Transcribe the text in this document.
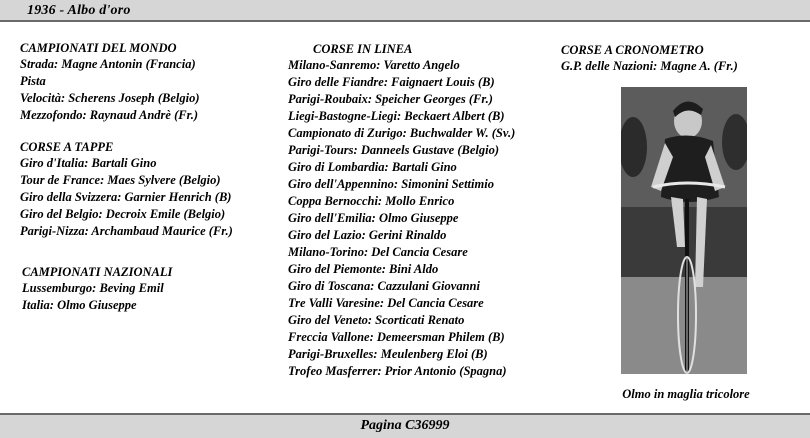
1936 - Albo d'oro
CAMPIONATI DEL MONDO
Strada: Magne Antonin (Francia)
Pista
Velocità: Scherens Joseph (Belgio)
Mezzofondo: Raynaud Andrè (Fr.)
CORSE A TAPPE
Giro d'Italia: Bartali Gino
Tour de France: Maes Sylvere (Belgio)
Giro della Svizzera: Garnier Henrich (B)
Giro del Belgio: Decroix Emile (Belgio)
Parigi-Nizza: Archambaud Maurice (Fr.)
CAMPIONATI NAZIONALI
Lussemburgo: Beving Emil
Italia: Olmo Giuseppe
CORSE IN LINEA
Milano-Sanremo: Varetto Angelo
Giro delle Fiandre: Faignaert Louis (B)
Parigi-Roubaix: Speicher Georges (Fr.)
Liegi-Bastogne-Liegi: Beckaert Albert (B)
Campionato di Zurigo: Buchwalder W. (Sv.)
Parigi-Tours: Danneels Gustave (Belgio)
Giro di Lombardia: Bartali Gino
Giro dell'Appennino: Simonini Settimio
Coppa Bernocchi: Mollo Enrico
Giro dell'Emilia: Olmo Giuseppe
Giro del Lazio: Gerini Rinaldo
Milano-Torino: Del Cancia Cesare
Giro del Piemonte: Bini Aldo
Giro di Toscana: Cazzulani Giovanni
Tre Valli Varesine: Del Cancia Cesare
Giro del Veneto: Scorticati Renato
Freccia Vallone: Demeersman Philem (B)
Parigi-Bruxelles: Meulenberg Eloi (B)
Trofeo Masferrer: Prior Antonio (Spagna)
CORSE A CRONOMETRO
G.P. delle Nazioni: Magne A. (Fr.)
Olmo in maglia tricolore
Pagina C36999
